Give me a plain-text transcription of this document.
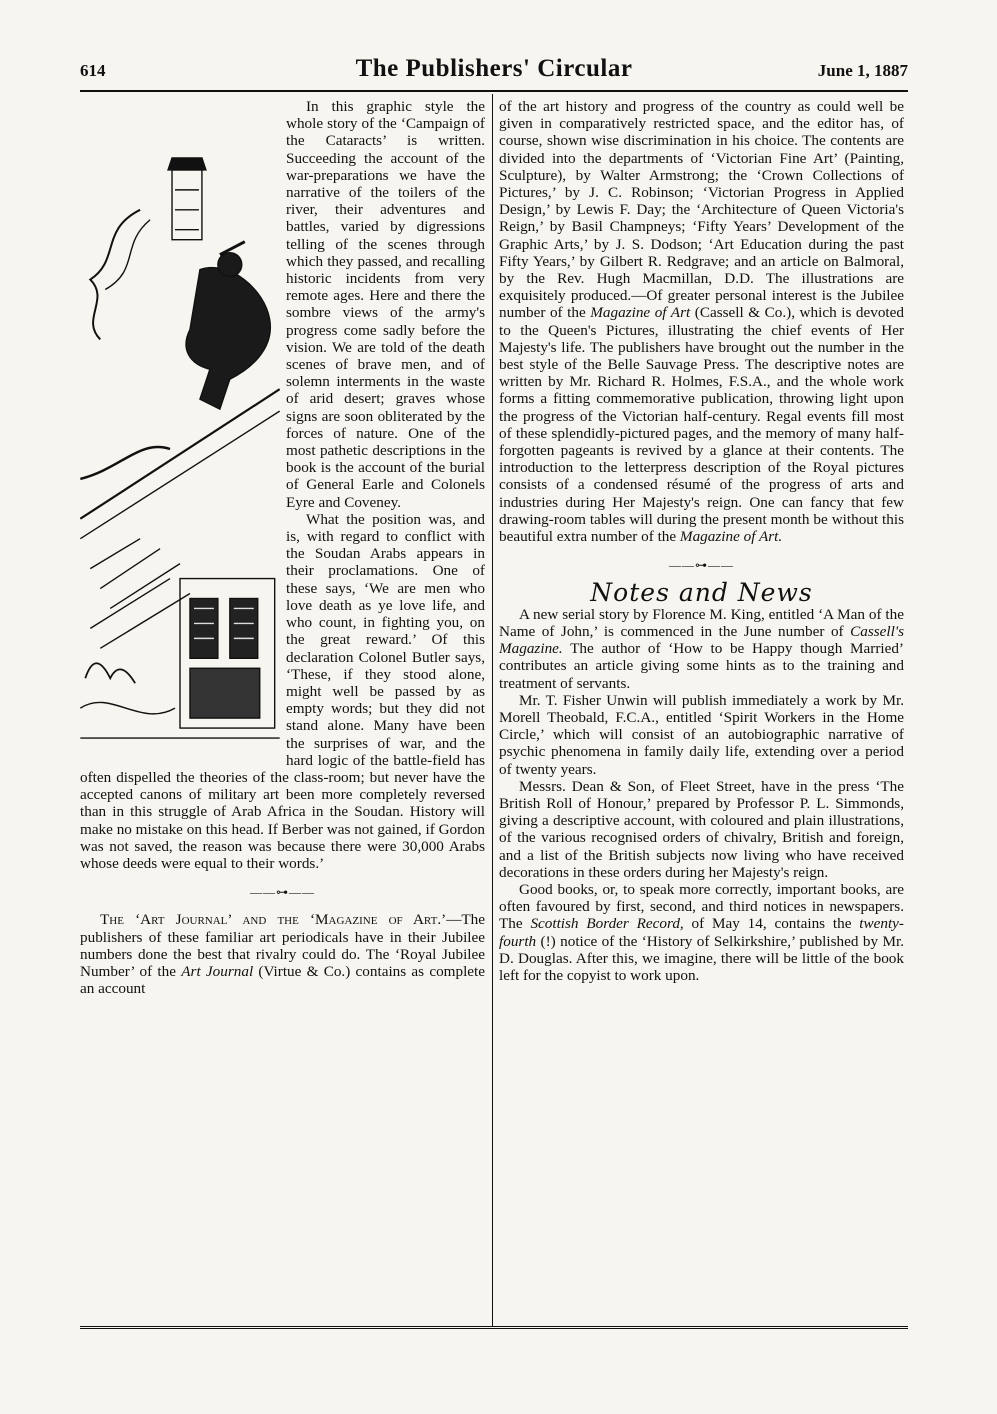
614	The Publishers' Circular	June 1, 1887

In this graphic style the whole story of the ‘Campaign of the Cataracts’ is written. Succeeding the account of the war-preparations we have the narrative of the toilers of the river, their adventures and battles, varied by digressions telling of the scenes through which they passed, and recalling historic incidents from very remote ages. Here and there the sombre views of the army's progress come sadly before the vision. We are told of the death scenes of brave men, and of solemn interments in the waste of arid desert; graves whose signs are soon obliterated by the forces of nature. One of the most pathetic descriptions in the book is the account of the burial of General Earle and Colonels Eyre and Coveney.

What the position was, and is, with regard to conflict with the Soudan Arabs appears in their proclamations. One of these says, ‘We are men who love death as ye love life, and who count, in fighting you, on the great reward.’ Of this declaration Colonel Butler says, ‘These, if they stood alone, might well be passed by as empty words; but they did not stand alone. Many have been the surprises of war, and the hard logic of the battle-field has often dispelled the theories of the class-room; but never have the accepted canons of military art been more completely reversed than in this struggle of Arab Africa in the Soudan. History will make no mistake on this head. If Berber was not gained, if Gordon was not saved, the reason was because there were 30,000 Arabs whose deeds were equal to their words.’

——⊶——

The ‘Art Journal’ and the ‘Magazine of Art.’—The publishers of these familiar art periodicals have in their Jubilee numbers done the best that rivalry could do. The ‘Royal Jubilee Number’ of the Art Journal (Virtue & Co.) contains as complete an account

of the art history and progress of the country as could well be given in comparatively restricted space, and the editor has, of course, shown wise discrimination in his choice. The contents are divided into the departments of ‘Victorian Fine Art’ (Painting, Sculpture), by Walter Armstrong; the ‘Crown Collections of Pictures,’ by J. C. Robinson; ‘Victorian Progress in Applied Design,’ by Lewis F. Day; the ‘Architecture of Queen Victoria's Reign,’ by Basil Champneys; ‘Fifty Years’ Development of the Graphic Arts,’ by J. S. Dodson; ‘Art Education during the past Fifty Years,’ by Gilbert R. Redgrave; and an article on Balmoral, by the Rev. Hugh Macmillan, D.D. The illustrations are exquisitely produced.—Of greater personal interest is the Jubilee number of the Magazine of Art (Cassell & Co.), which is devoted to the Queen's Pictures, illustrating the chief events of Her Majesty's life. The publishers have brought out the number in the best style of the Belle Sauvage Press. The descriptive notes are written by Mr. Richard R. Holmes, F.S.A., and the whole work forms a fitting commemorative publication, throwing light upon the progress of the Victorian half-century. Regal events fill most of these splendidly-pictured pages, and the memory of many half-forgotten pageants is revived by a glance at their contents. The introduction to the letterpress description of the Royal pictures consists of a condensed résumé of the progress of arts and industries during Her Majesty's reign. One can fancy that few drawing-room tables will during the present month be without this beautiful extra number of the Magazine of Art.

——⊶——
Notes and News

A new serial story by Florence M. King, entitled ‘A Man of the Name of John,’ is commenced in the June number of Cassell's Magazine. The author of ‘How to be Happy though Married’ contributes an article giving some hints as to the training and treatment of servants.

Mr. T. Fisher Unwin will publish immediately a work by Mr. Morell Theobald, F.C.A., entitled ‘Spirit Workers in the Home Circle,’ which will consist of an autobiographic narrative of psychic phenomena in family daily life, extending over a period of twenty years.

Messrs. Dean & Son, of Fleet Street, have in the press ‘The British Roll of Honour,’ prepared by Professor P. L. Simmonds, giving a descriptive account, with coloured and plain illustrations, of the various recognised orders of chivalry, British and foreign, and a list of the British subjects now living who have received decorations in these orders during her Majesty's reign.

Good books, or, to speak more correctly, important books, are often favoured by first, second, and third notices in newspapers. The Scottish Border Record, of May 14, contains the twenty-fourth (!) notice of the ‘History of Selkirkshire,’ published by Mr. D. Douglas. After this, we imagine, there will be little of the book left for the copyist to work upon.
